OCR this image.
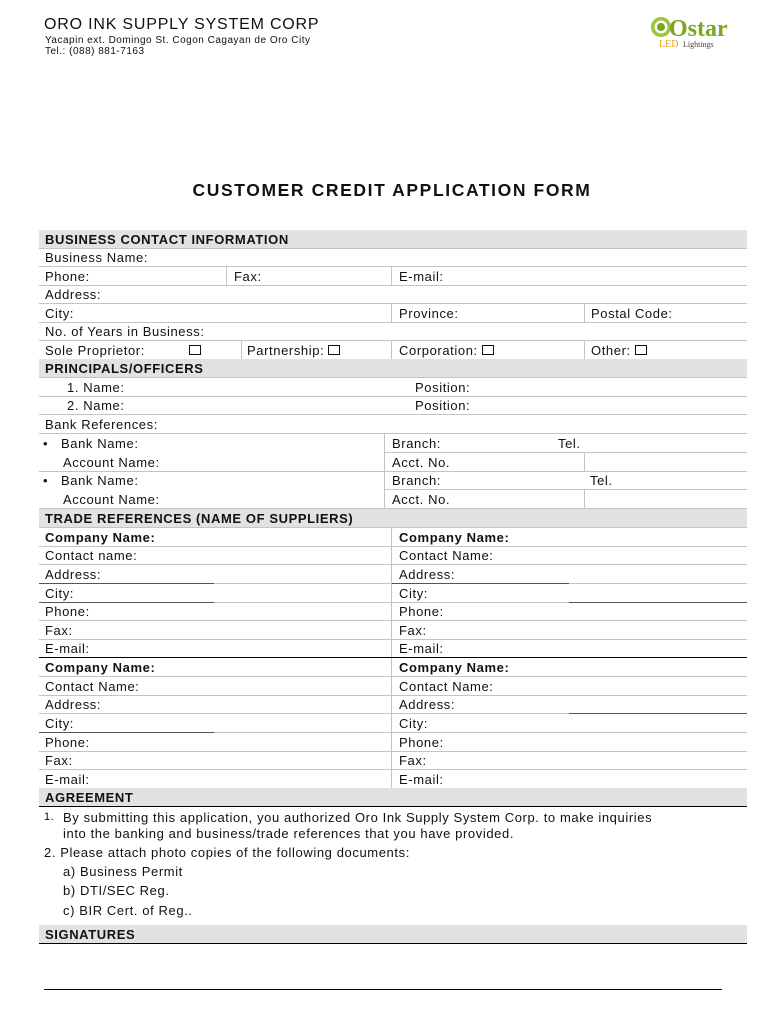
ORO INK SUPPLY SYSTEM CORP
Yacapin ext. Domingo St. Cogon Cagayan de Oro City
Tel.: (088) 881-7163
Ostar
LED Lightings
CUSTOMER CREDIT APPLICATION FORM
BUSINESS CONTACT INFORMATION
Business Name:
Phone:	Fax:	E-mail:
Address:
City:	Province:	Postal Code:
No. of Years in Business:
Sole Proprietor:	Partnership:	Corporation:	Other:
PRINCIPALS/OFFICERS
1. Name:	Position:
2. Name:	Position:
Bank References:
• Bank Name:	Branch:	Tel.
Account Name:	Acct. No.
• Bank Name:	Branch:	Tel.
Account Name:	Acct. No.
TRADE REFERENCES (NAME OF SUPPLIERS)
Company Name:	Company Name:
Contact name:	Contact Name:
Address:	Address:
City:	City:
Phone:	Phone:
Fax:	Fax:
E-mail:	E-mail:
Company Name:	Company Name:
Contact Name:	Contact Name:
Address:	Address:
City:	City:
Phone:	Phone:
Fax:	Fax:
E-mail:	E-mail:
AGREEMENT
1. By submitting this application, you authorized Oro Ink Supply System Corp. to make inquiries
into the banking and business/trade references that you have provided.
2. Please attach photo copies of the following documents:
a) Business Permit
b) DTI/SEC Reg.
c) BIR Cert. of Reg..
SIGNATURES
